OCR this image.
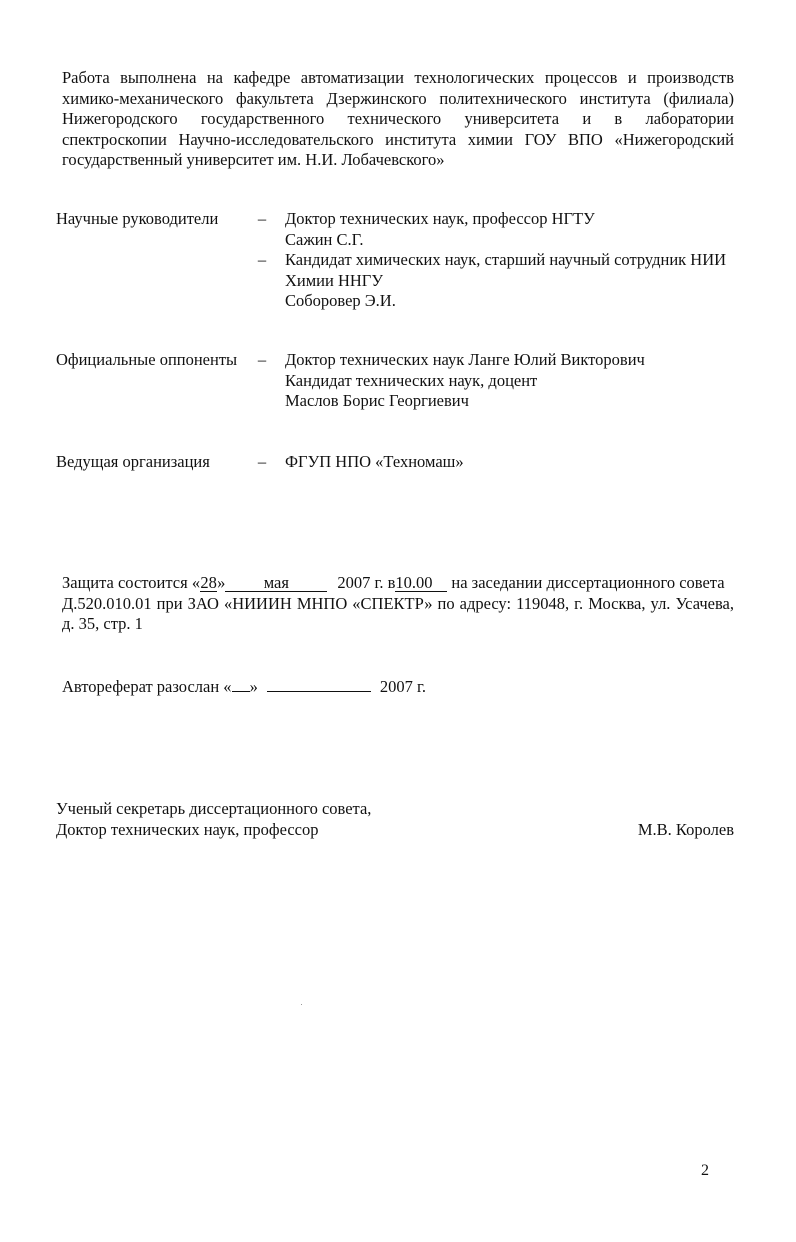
Работа выполнена на кафедре автоматизации технологических процессов и производств
химико-механического факультета Дзержинского политехнического института (филиала)
Нижегородского государственного технического университета и в лаборатории
спектроскопии Научно-исследовательского института химии ГОУ ВПО «Нижегородский
государственный университет им. Н.И. Лобачевского»
Научные руководители – Доктор технических наук, профессор НГТУ
Сажин С.Г.
– Кандидат химических наук, старший научный сотрудник НИИ
Химии ННГУ
Соборовер Э.И.
Официальные оппоненты – Доктор технических наук Ланге Юлий Викторович
Кандидат технических наук, доцент
Маслов Борис Георгиевич
Ведущая организация	– ФГУП НПО «Техномаш»
Защита состоится «28» мая	2007 г. в10.00 на заседании диссертационного совета
Д.520.010.01 при ЗАО «НИИИН МНПО «СПЕКТР» по адресу: 119048, г. Москва, ул. Усачева,
д. 35, стр. 1
Автореферат разослан « »	2007 г.
Ученый секретарь диссертационного совета,
Доктор технических наук, профессор	М.В. Королев
2
